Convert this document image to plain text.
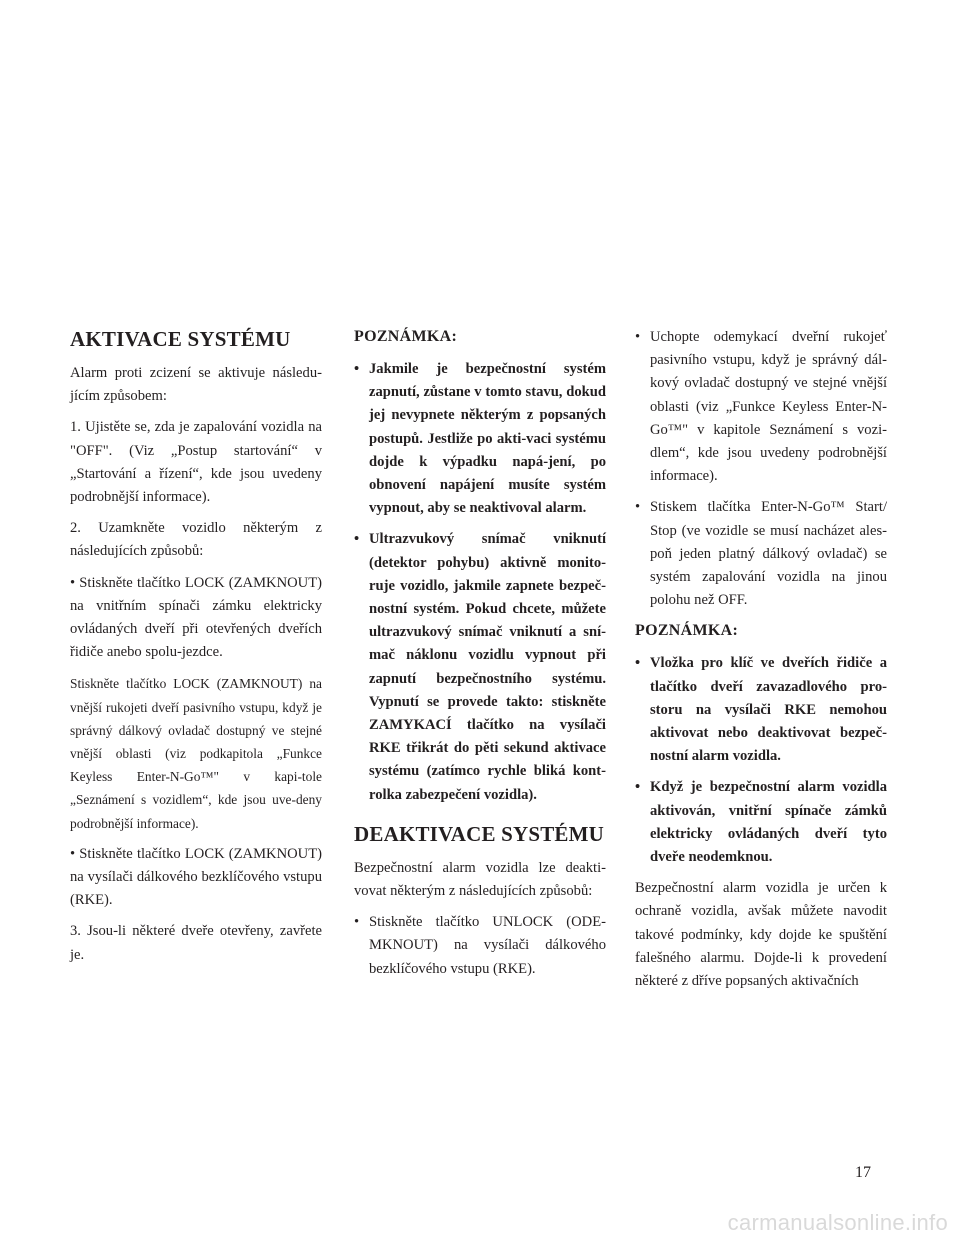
AKTIVACE SYSTÉMU

Alarm proti zcizení se aktivuje následu-jícím způsobem:

1. Ujistěte se, zda je zapalování vozidla na "OFF". (Viz „Postup startování“ v „Startování a řízení“, kde jsou uvedeny podrobnější informace).

2. Uzamkněte vozidlo některým z následujících způsobů:

• Stiskněte tlačítko LOCK (ZAMKNOUT) na vnitřním spínači zámku elektricky ovládaných dveří při otevřených dveřích řidiče anebo spolu-jezdce.

Stiskněte tlačítko LOCK (ZAMKNOUT) na vnější rukojeti dveří pasivního vstupu, když je správný dálkový ovladač dostupný ve stejné vnější oblasti (viz podkapitola „Funkce Keyless Enter-N-Go™" v kapi-tole „Seznámení s vozidlem“, kde jsou uve-deny podrobnější informace).

• Stiskněte tlačítko LOCK (ZAMKNOUT) na vysílači dálkového bezklíčového vstupu (RKE).

3. Jsou-li některé dveře otevřeny, zavřete je.

POZNÁMKA:

• Jakmile je bezpečnostní systém zapnutí, zůstane v tomto stavu, dokud jej nevypnete některým z popsaných postupů. Jestliže po akti-vaci systému dojde k výpadku napá-jení, po obnovení napájení musíte systém vypnout, aby se neaktivoval alarm.

• Ultrazvukový snímač vniknutí (detektor pohybu) aktivně monito-ruje vozidlo, jakmile zapnete bezpeč-nostní systém. Pokud chcete, můžete ultrazvukový snímač vniknutí a sní-mač náklonu vozidlu vypnout při zapnutí bezpečnostního systému. Vypnutí se provede takto: stiskněte ZAMYKACÍ tlačítko na vysílači RKE třikrát do pěti sekund aktivace systému (zatímco rychle bliká kont-rolka zabezpečení vozidla).

DEAKTIVACE SYSTÉMU

Bezpečnostní alarm vozidla lze deakti-vovat některým z následujících způsobů:

• Stiskněte tlačítko UNLOCK (ODE-MKNOUT) na vysílači dálkového bezklíčového vstupu (RKE).

• Uchopte odemykací dveřní rukojeť pasivního vstupu, když je správný dál-kový ovladač dostupný ve stejné vnější oblasti (viz „Funkce Keyless Enter-N-Go™" v kapitole Seznámení s vozi-dlem“, kde jsou uvedeny podrobnější informace).

• Stiskem tlačítka Enter-N-Go™ Start/ Stop (ve vozidle se musí nacházet ales-poň jeden platný dálkový ovladač) se systém zapalování vozidla na jinou polohu než OFF.

POZNÁMKA:

• Vložka pro klíč ve dveřích řidiče a tlačítko dveří zavazadlového pro-storu na vysílači RKE nemohou aktivovat nebo deaktivovat bezpeč-nostní alarm vozidla.

• Když je bezpečnostní alarm vozidla aktivován, vnitřní spínače zámků elektricky ovládaných dveří tyto dveře neodemknou.

Bezpečnostní alarm vozidla je určen k ochraně vozidla, avšak můžete navodit takové podmínky, kdy dojde ke spuštění falešného alarmu. Dojde-li k provedení některé z dříve popsaných aktivačních

17
carmanualsonline.info
